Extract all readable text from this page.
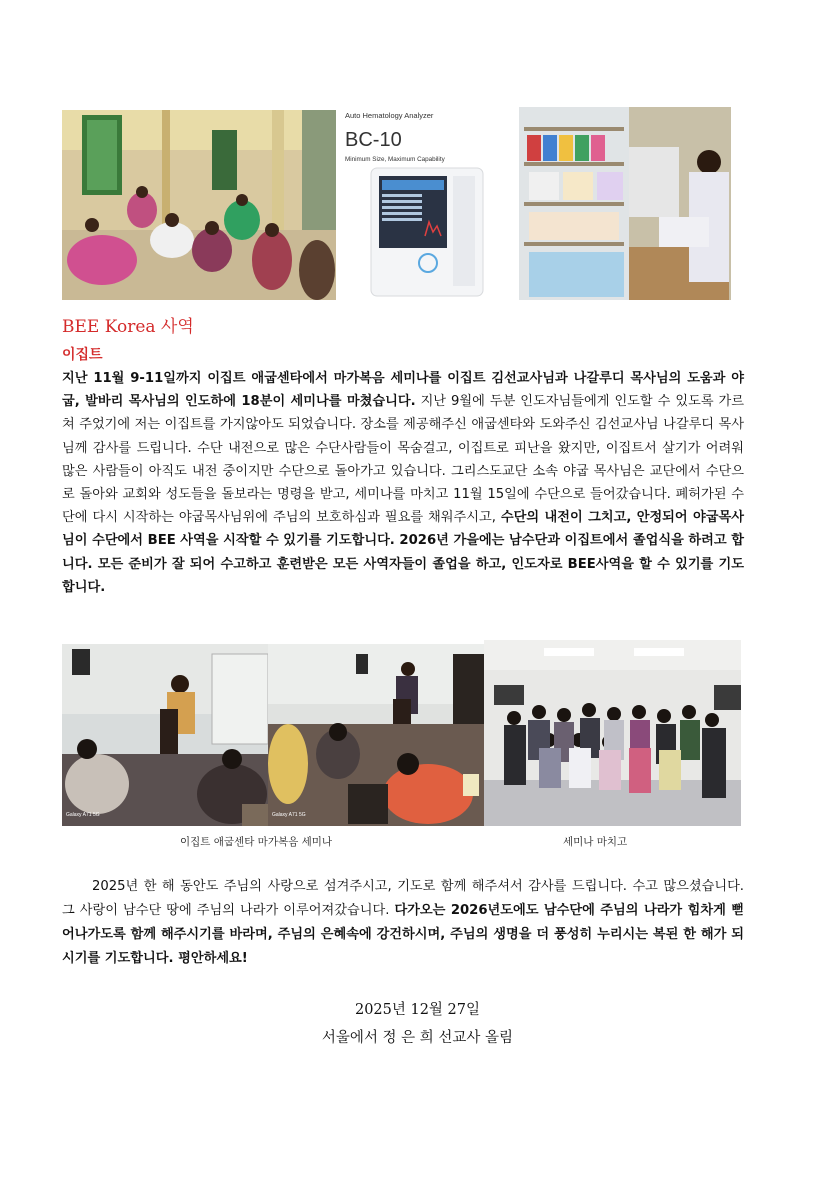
Auto Hematology Analyzer
BC-10
Minimum Size, Maximum Capability
BEE Korea 사역
이집트

지난 11월 9-11일까지 이집트 애굽센타에서 마가복음 세미나를 이집트 김선교사님과 나갈루디 목사님의 도움과 야굽, 발바리 목사님의 인도하에 18분이 세미나를 마쳤습니다. 지난 9월에 두분 인도자님들에게 인도할 수 있도록 가르쳐 주었기에 저는 이집트를 가지않아도 되었습니다. 장소를 제공해주신 애굽센타와 도와주신 김선교사님 나갈루디 목사님께 감사를 드립니다. 수단 내전으로 많은 수단사람들이 목숨걸고, 이집트로 피난을 왔지만, 이집트서 살기가 어려워 많은 사람들이 아직도 내전 중이지만 수단으로 돌아가고 있습니다. 그리스도교단 소속 야굽 목사님은 교단에서 수단으로 돌아와 교회와 성도들을 돌보라는 명령을 받고, 세미나를 마치고 11월 15일에 수단으로 들어갔습니다. 폐허가된 수단에 다시 시작하는 야굽목사님위에 주님의 보호하심과 필요를 채워주시고, 수단의 내전이 그치고, 안정되어 야굽목사님이 수단에서 BEE 사역을 시작할 수 있기를 기도합니다. 2026년 가을에는 남수단과 이집트에서 졸업식을 하려고 합니다. 모든 준비가 잘 되어 수고하고 훈련받은 모든 사역자들이 졸업을 하고, 인도자로 BEE사역을 할 수 있기를 기도합니다.

Galaxy A71 5G	Galaxy A71 5G
이집트 애굽센타 마가복음 세미나	세미나 마치고

2025년 한 해 동안도 주님의 사랑으로 섬겨주시고, 기도로 함께 해주셔서 감사를 드립니다. 수고 많으셨습니다. 그 사랑이 남수단 땅에 주님의 나라가 이루어져갔습니다. 다가오는 2026년도에도 남수단에 주님의 나라가 힘차게 뻗어나가도록 함께 해주시기를 바라며, 주님의 은혜속에 강건하시며, 주님의 생명을 더 풍성히 누리시는 복된 한 해가 되시기를 기도합니다. 평안하세요!

2025년 12월 27일
서울에서 정 은 희 선교사 올림
